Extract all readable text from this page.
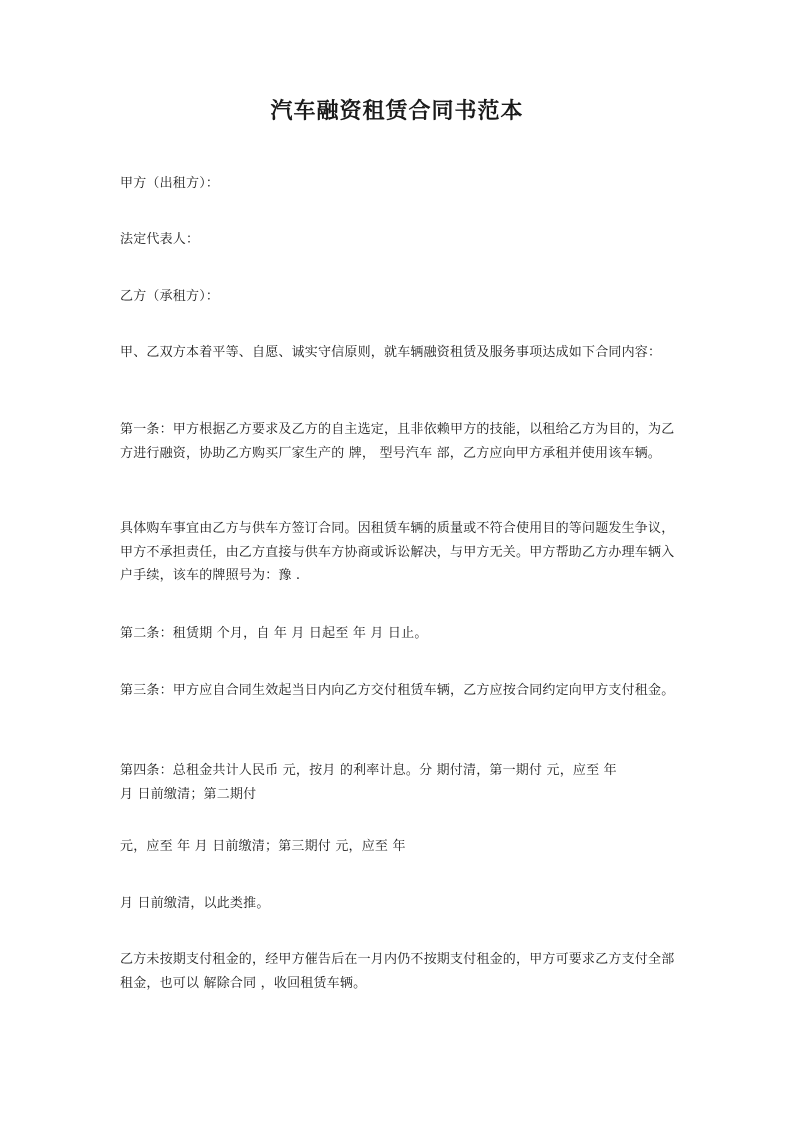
汽车融资租赁合同书范本

甲方（出租方）：

法定代表人：

乙方（承租方）：

甲、乙双方本着平等、自愿、诚实守信原则，就车辆融资租赁及服务事项达成如下合同内容：

第一条：甲方根据乙方要求及乙方的自主选定，且非依赖甲方的技能，以租给乙方为目的，为乙方进行融资，协助乙方购买厂家生产的 牌， 型号汽车 部，乙方应向甲方承租并使用该车辆。

具体购车事宜由乙方与供车方签订合同。因租赁车辆的质量或不符合使用目的等问题发生争议，甲方不承担责任，由乙方直接与供车方协商或诉讼解决，与甲方无关。甲方帮助乙方办理车辆入户手续，该车的牌照号为：豫 .

第二条：租赁期 个月，自 年 月 日起至 年 月 日止。

第三条：甲方应自合同生效起当日内向乙方交付租赁车辆，乙方应按合同约定向甲方支付租金。

第四条：总租金共计人民币 元，按月 的利率计息。分 期付清，第一期付 元，应至 年
月 日前缴清；第二期付

元，应至 年 月 日前缴清；第三期付 元，应至 年

月 日前缴清，以此类推。

乙方未按期支付租金的，经甲方催告后在一月内仍不按期支付租金的，甲方可要求乙方支付全部租金，也可以 解除合同 ，收回租赁车辆。
